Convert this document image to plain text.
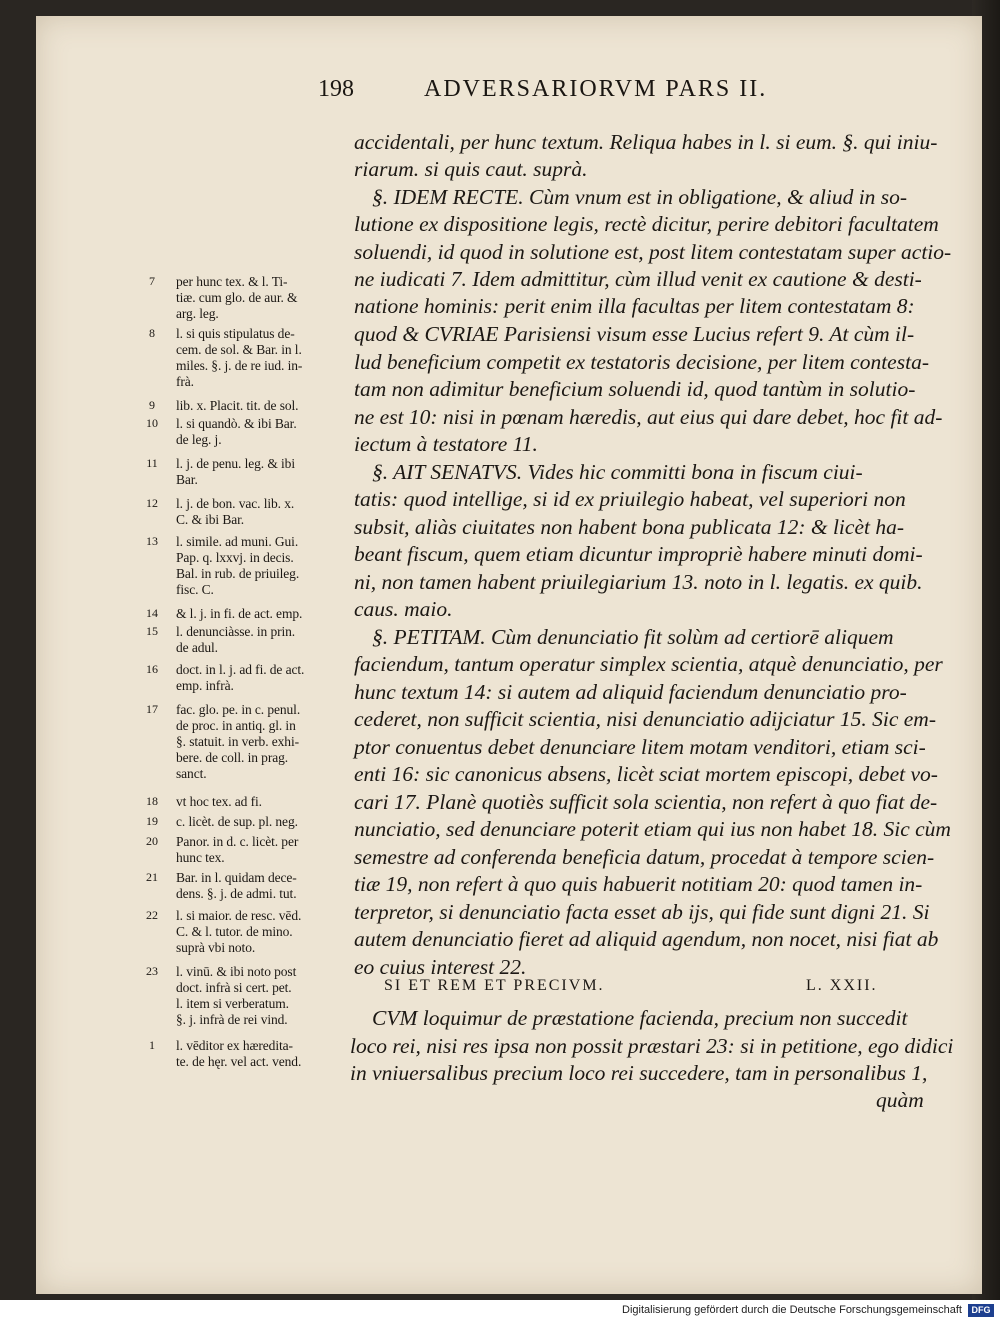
198	ADVERSARIORVM PARS II.
accidentali, per hunc textum. Reliqua habes in l. si eum. §. qui iniu-
riarum. si quis caut. suprà.
§. IDEM RECTE. Cùm vnum est in obligatione, & aliud in so-
lutione ex dispositione legis, rectè dicitur, perire debitori facultatem
soluendi, id quod in solutione est, post litem contestatam super actio-
ne iudicati 7. Idem admittitur, cùm illud venit ex cautione & desti-
natione hominis: perit enim illa facultas per litem contestatam 8:
quod & CVRIAE Parisiensi visum esse Lucius refert 9. At cùm il-
lud beneficium competit ex testatoris decisione, per litem contesta-
tam non adimitur beneficium soluendi id, quod tantùm in solutio-
ne est 10: nisi in pœnam hæredis, aut eius qui dare debet, hoc fit ad-
iectum à testatore 11.
§. AIT SENATVS. Vides hic committi bona in fiscum ciui-
tatis: quod intellige, si id ex priuilegio habeat, vel superiori non
subsit, aliàs ciuitates non habent bona publicata 12: & licèt ha-
beant fiscum, quem etiam dicuntur impropriè habere minuti domi-
ni, non tamen habent priuilegiarium 13. noto in l. legatis. ex quib.
caus. maio.
§. PETITAM. Cùm denunciatio fit solùm ad certiorē aliquem
faciendum, tantum operatur simplex scientia, atquè denunciatio, per
hunc textum 14: si autem ad aliquid faciendum denunciatio pro-
cederet, non sufficit scientia, nisi denunciatio adijciatur 15. Sic em-
ptor conuentus debet denunciare litem motam venditori, etiam sci-
enti 16: sic canonicus absens, licèt sciat mortem episcopi, debet vo-
cari 17. Planè quotiès sufficit sola scientia, non refert à quo fiat de-
nunciatio, sed denunciare poterit etiam qui ius non habet 18. Sic cùm
semestre ad conferenda beneficia datum, procedat à tempore scien-
tiæ 19, non refert à quo quis habuerit notitiam 20: quod tamen in-
terpretor, si denunciatio facta esset ab ijs, qui fide sunt digni 21. Si
autem denunciatio fieret ad aliquid agendum, non nocet, nisi fiat ab
eo cuius interest 22.
CVM loquimur de præstatione facienda, precium non succedit
loco rei, nisi res ipsa non possit præstari 23: si in petitione, ego didici
in vniuersalibus precium loco rei succedere, tam in personalibus 1,
quàm
7	per hunc tex. & l. Ti-
tiæ. cum glo. de aur. &
arg. leg.
8	l. si quis stipulatus de-
cem. de sol. & Bar. in l.
miles. §. j. de re iud. in-
frà.
9	lib. x. Placit. tit. de sol.
10 l. si quandò. & ibi Bar.
de leg. j.
11	l. j. de penu. leg. & ibi
Bar.
12 l. j. de bon. vac. lib. x.
C. & ibi Bar.
13 l. simile. ad muni. Gui.
Pap. q. lxxvj. in decis.
Bal. in rub. de priuileg.
fisc. C.
14 & l. j. in fi. de act. emp.
15 l. denunciàsse. in prin.
de adul.
16 doct. in l. j. ad fi. de act.
emp. infrà.
17 fac. glo. pe. in c. penul.
de proc. in antiq. gl. in
§. statuit. in verb. exhi-
bere. de coll. in prag.
sanct.
18 vt hoc tex. ad fi.
19 c. licèt. de sup. pl. neg.
20 Panor. in d. c. licèt. per
hunc tex.
21 Bar. in l. quidam dece-
dens. §. j. de admi. tut.
22 l. si maior. de resc. vēd.
C. & l. tutor. de mino.
suprà vbi noto.
23 l. vinū. & ibi noto post
doct. infrà si cert. pet.
l. item si verberatum.
§. j. infrà de rei vind.
1	l. vēditor ex hæredita-
te. de hęr. vel act. vend.
SI ET REM ET PRECIVM.	L. XXII.
Digitalisierung gefördert durch die Deutsche Forschungsgemeinschaft	DFG
